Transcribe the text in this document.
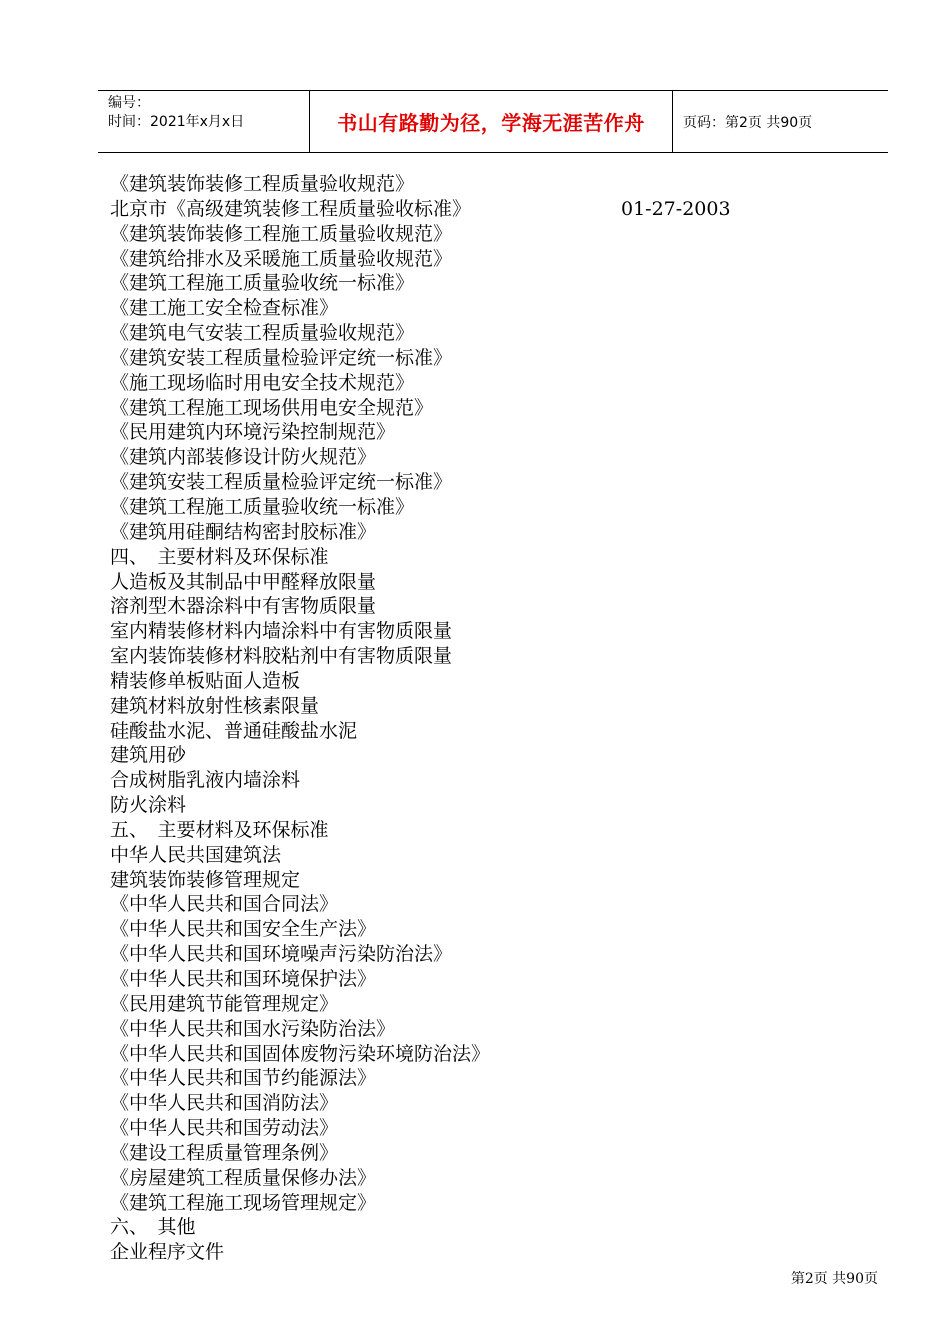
编号：
时间：2021年x月x日	书山有路勤为径，学海无涯苦作舟	页码：第2页 共90页
《建筑装饰装修工程质量验收规范》
北京市《高级建筑装修工程质量验收标准》	01-27-2003
《建筑装饰装修工程施工质量验收规范》
《建筑给排水及采暖施工质量验收规范》
《建筑工程施工质量验收统一标准》
《建工施工安全检查标准》
《建筑电气安装工程质量验收规范》
《建筑安装工程质量检验评定统一标准》
《施工现场临时用电安全技术规范》
《建筑工程施工现场供用电安全规范》
《民用建筑内环境污染控制规范》
《建筑内部装修设计防火规范》
《建筑安装工程质量检验评定统一标准》
《建筑工程施工质量验收统一标准》
《建筑用硅酮结构密封胶标准》
四、　主要材料及环保标准
人造板及其制品中甲醛释放限量
溶剂型木器涂料中有害物质限量
室内精装修材料内墙涂料中有害物质限量
室内装饰装修材料胶粘剂中有害物质限量
精装修单板贴面人造板
建筑材料放射性核素限量
硅酸盐水泥、普通硅酸盐水泥
建筑用砂
合成树脂乳液内墙涂料
防火涂料
五、　主要材料及环保标准
中华人民共国建筑法
建筑装饰装修管理规定
《中华人民共和国合同法》
《中华人民共和国安全生产法》
《中华人民共和国环境噪声污染防治法》
《中华人民共和国环境保护法》
《民用建筑节能管理规定》
《中华人民共和国水污染防治法》
《中华人民共和国固体废物污染环境防治法》
《中华人民共和国节约能源法》
《中华人民共和国消防法》
《中华人民共和国劳动法》
《建设工程质量管理条例》
《房屋建筑工程质量保修办法》
《建筑工程施工现场管理规定》
六、　其他
企业程序文件
第2页 共90页
